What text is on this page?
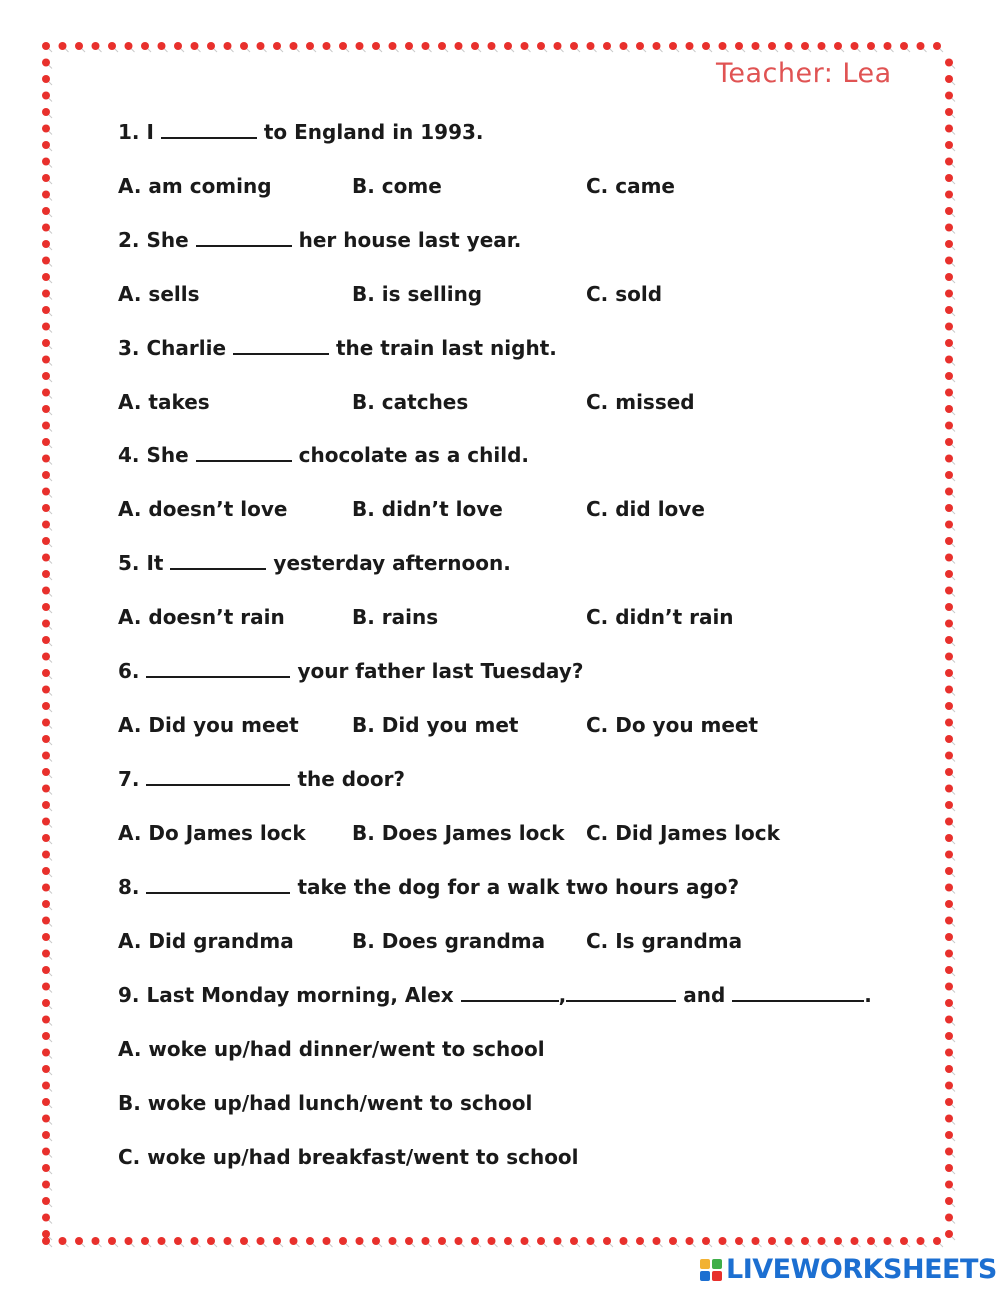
Teacher: Lea
1. I	to England in 1993.
A. am coming	B. come	C. came
2. She	her house last year.
A. sells	B. is selling	C. sold
3. Charlie	the train last night.
A. takes	B. catches	C. missed
4. She	chocolate as a child.
A. doesn’t love	B. didn’t love	C. did love
5. It	yesterday afternoon.
A. doesn’t rain	B. rains	C. didn’t rain
6.	your father last Tuesday?
A. Did you meet	B. Did you met	C. Do you meet
7.	the door?
A. Do James lock B. Does James lock C. Did James lock
8.	take the dog for a walk two hours ago?
A. Did grandma	B. Does grandma C. Is grandma
9. Last Monday morning, Alex	,	and	.
A. woke up/had dinner/went to school
B. woke up/had lunch/went to school
C. woke up/had breakfast/went to school
LIVEWORKSHEETS
